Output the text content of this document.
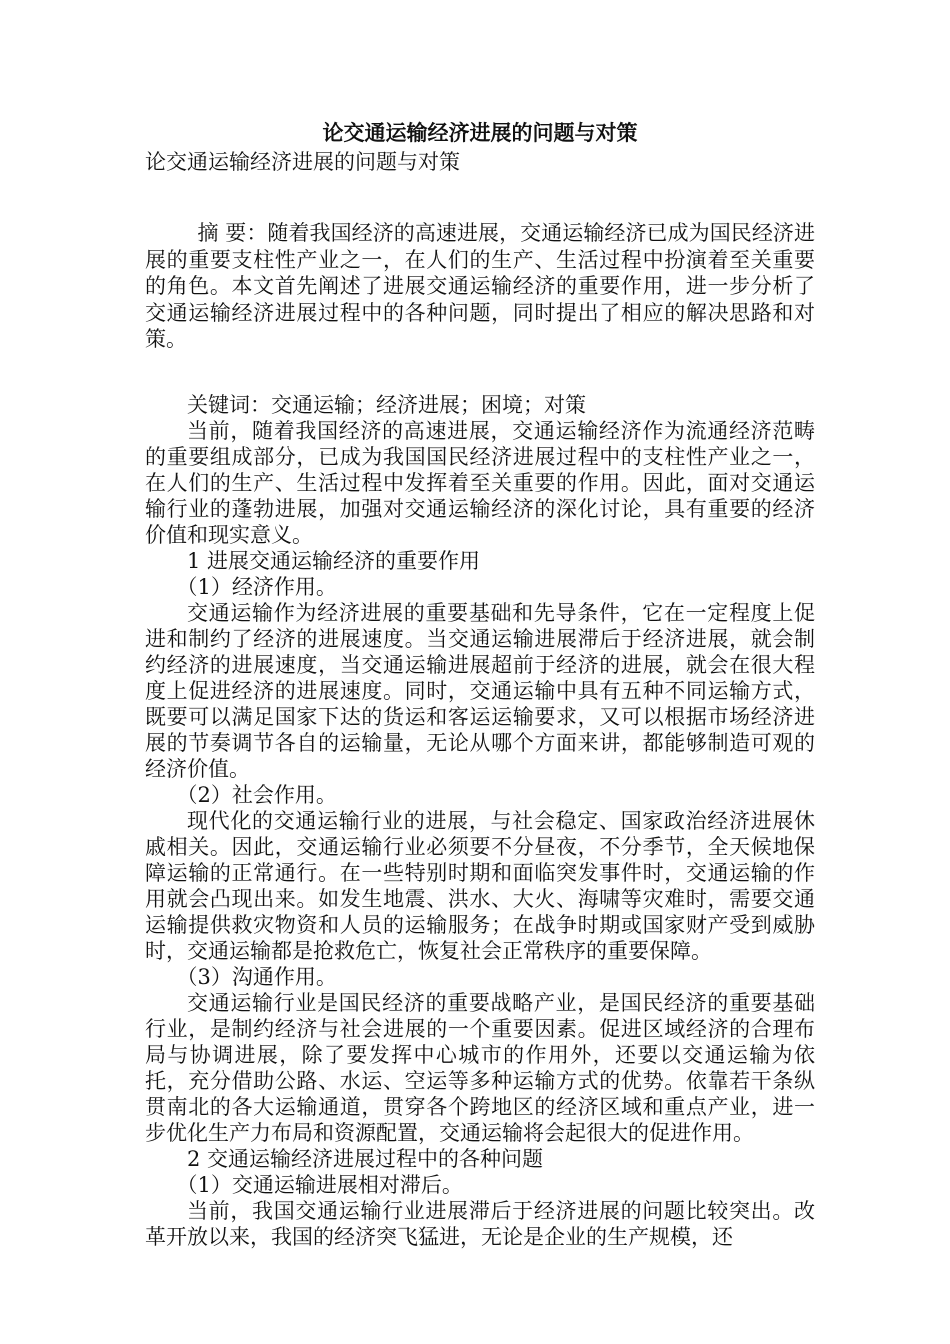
论交通运输经济进展的问题与对策

论交通运输经济进展的问题与对策

摘 要：随着我国经济的高速进展，交通运输经济已成为国民经济进展的重要支柱性产业之一，在人们的生产、生活过程中扮演着至关重要的角色。本文首先阐述了进展交通运输经济的重要作用，进一步分析了交通运输经济进展过程中的各种问题，同时提出了相应的解决思路和对策。

关键词：交通运输；经济进展；困境；对策

当前，随着我国经济的高速进展，交通运输经济作为流通经济范畴的重要组成部分，已成为我国国民经济进展过程中的支柱性产业之一，在人们的生产、生活过程中发挥着至关重要的作用。因此，面对交通运输行业的蓬勃进展，加强对交通运输经济的深化讨论，具有重要的经济价值和现实意义。

1 进展交通运输经济的重要作用

（1）经济作用。

交通运输作为经济进展的重要基础和先导条件，它在一定程度上促进和制约了经济的进展速度。当交通运输进展滞后于经济进展，就会制约经济的进展速度，当交通运输进展超前于经济的进展，就会在很大程度上促进经济的进展速度。同时，交通运输中具有五种不同运输方式，既要可以满足国家下达的货运和客运运输要求，又可以根据市场经济进展的节奏调节各自的运输量，无论从哪个方面来讲，都能够制造可观的经济价值。

（2）社会作用。

现代化的交通运输行业的进展，与社会稳定、国家政治经济进展休戚相关。因此，交通运输行业必须要不分昼夜，不分季节，全天候地保障运输的正常通行。在一些特别时期和面临突发事件时，交通运输的作用就会凸现出来。如发生地震、洪水、大火、海啸等灾难时，需要交通运输提供救灾物资和人员的运输服务；在战争时期或国家财产受到威胁时，交通运输都是抢救危亡，恢复社会正常秩序的重要保障。

（3）沟通作用。

交通运输行业是国民经济的重要战略产业，是国民经济的重要基础行业，是制约经济与社会进展的一个重要因素。促进区域经济的合理布局与协调进展，除了要发挥中心城市的作用外，还要以交通运输为依托，充分借助公路、水运、空运等多种运输方式的优势。依靠若干条纵贯南北的各大运输通道，贯穿各个跨地区的经济区域和重点产业，进一步优化生产力布局和资源配置，交通运输将会起很大的促进作用。

2 交通运输经济进展过程中的各种问题

（1）交通运输进展相对滞后。

当前，我国交通运输行业进展滞后于经济进展的问题比较突出。改革开放以来，我国的经济突飞猛进，无论是企业的生产规模，还
